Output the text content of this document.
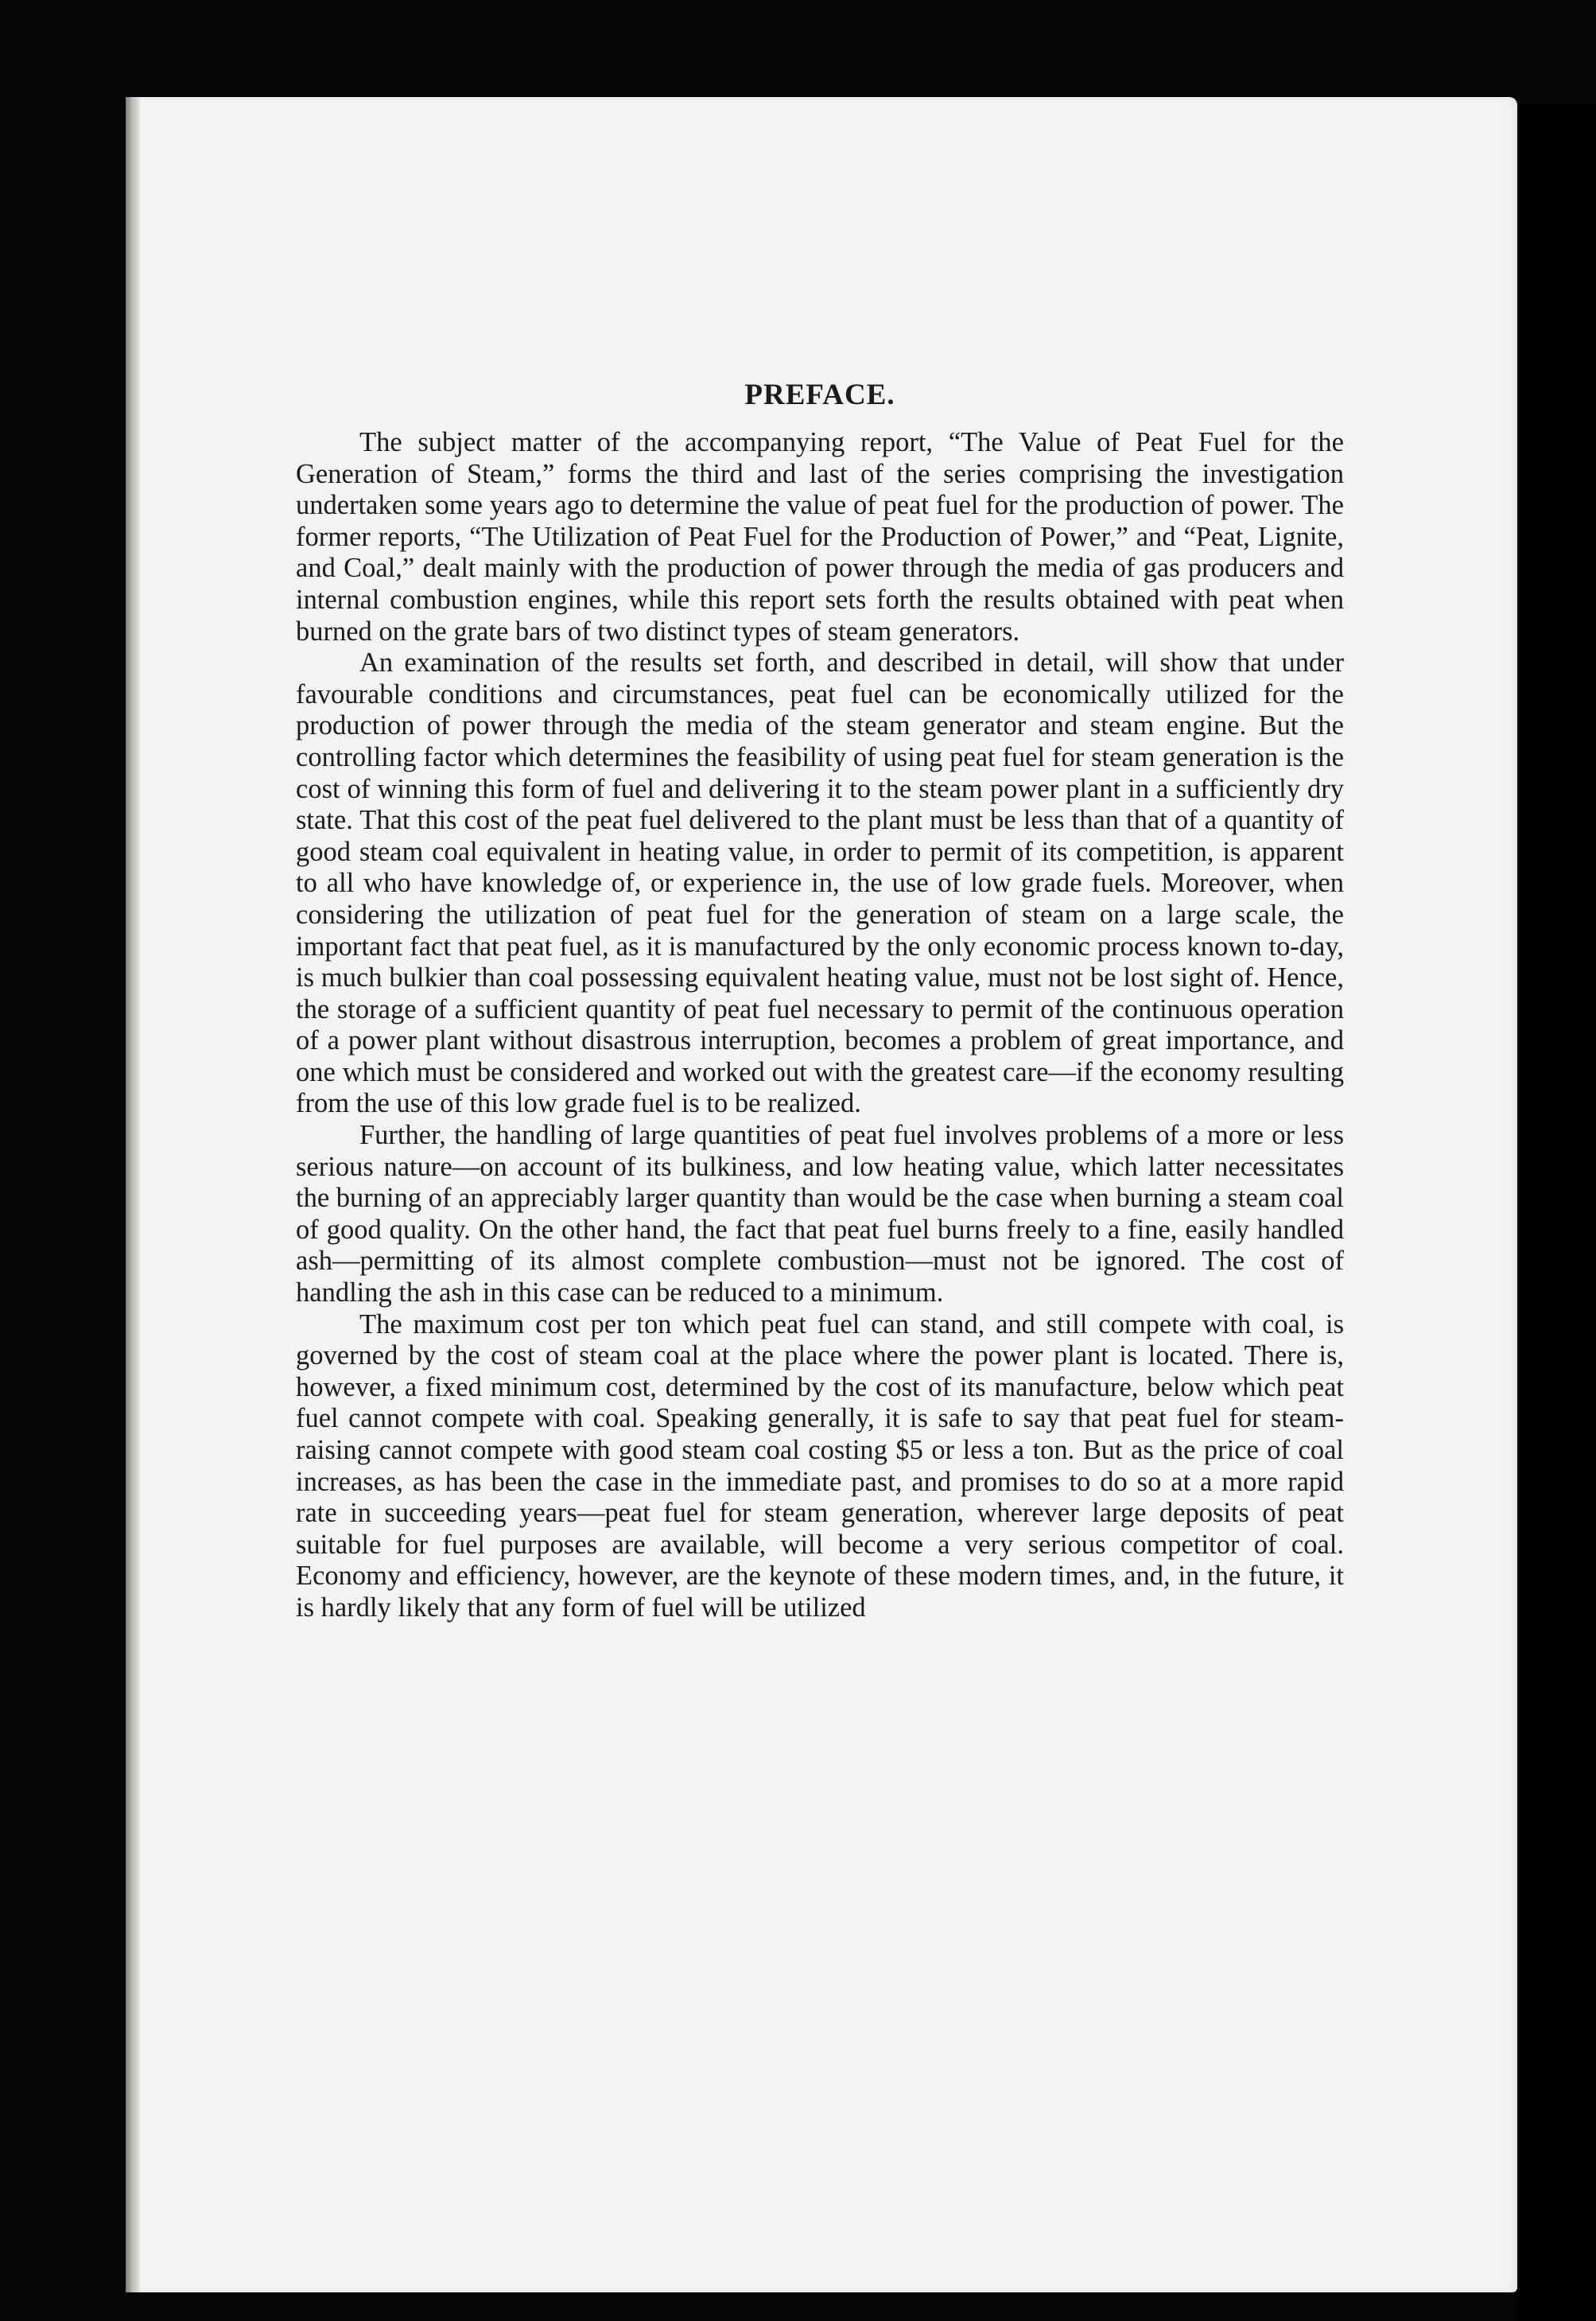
PREFACE.

The subject matter of the accompanying report, “The Value of Peat Fuel for the Generation of Steam,” forms the third and last of the series comprising the investigation undertaken some years ago to determine the value of peat fuel for the production of power. The former reports, “The Utilization of Peat Fuel for the Production of Power,” and “Peat, Lignite, and Coal,” dealt mainly with the production of power through the media of gas producers and internal combustion engines, while this report sets forth the results obtained with peat when burned on the grate bars of two distinct types of steam generators.

An examination of the results set forth, and described in detail, will show that under favourable conditions and circumstances, peat fuel can be economically utilized for the production of power through the media of the steam generator and steam engine. But the controlling factor which determines the feasibility of using peat fuel for steam generation is the cost of winning this form of fuel and delivering it to the steam power plant in a sufficiently dry state. That this cost of the peat fuel delivered to the plant must be less than that of a quantity of good steam coal equivalent in heating value, in order to permit of its competition, is apparent to all who have knowledge of, or experience in, the use of low grade fuels. Moreover, when considering the utilization of peat fuel for the generation of steam on a large scale, the important fact that peat fuel, as it is manufactured by the only economic process known to-day, is much bulkier than coal possessing equivalent heating value, must not be lost sight of. Hence, the storage of a sufficient quantity of peat fuel necessary to permit of the continuous operation of a power plant without disastrous interruption, becomes a problem of great importance, and one which must be considered and worked out with the greatest care—if the economy resulting from the use of this low grade fuel is to be realized.

Further, the handling of large quantities of peat fuel involves problems of a more or less serious nature—on account of its bulkiness, and low heating value, which latter necessitates the burning of an appreciably larger quantity than would be the case when burning a steam coal of good quality. On the other hand, the fact that peat fuel burns freely to a fine, easily handled ash—permitting of its almost complete combustion—must not be ignored. The cost of handling the ash in this case can be reduced to a minimum.

The maximum cost per ton which peat fuel can stand, and still compete with coal, is governed by the cost of steam coal at the place where the power plant is located. There is, however, a fixed minimum cost, determined by the cost of its manufacture, below which peat fuel cannot compete with coal. Speaking generally, it is safe to say that peat fuel for steam-raising cannot compete with good steam coal costing $5 or less a ton. But as the price of coal increases, as has been the case in the immediate past, and promises to do so at a more rapid rate in succeeding years—peat fuel for steam generation, wherever large deposits of peat suitable for fuel purposes are available, will become a very serious competitor of coal. Economy and efficiency, however, are the keynote of these modern times, and, in the future, it is hardly likely that any form of fuel will be utilized
